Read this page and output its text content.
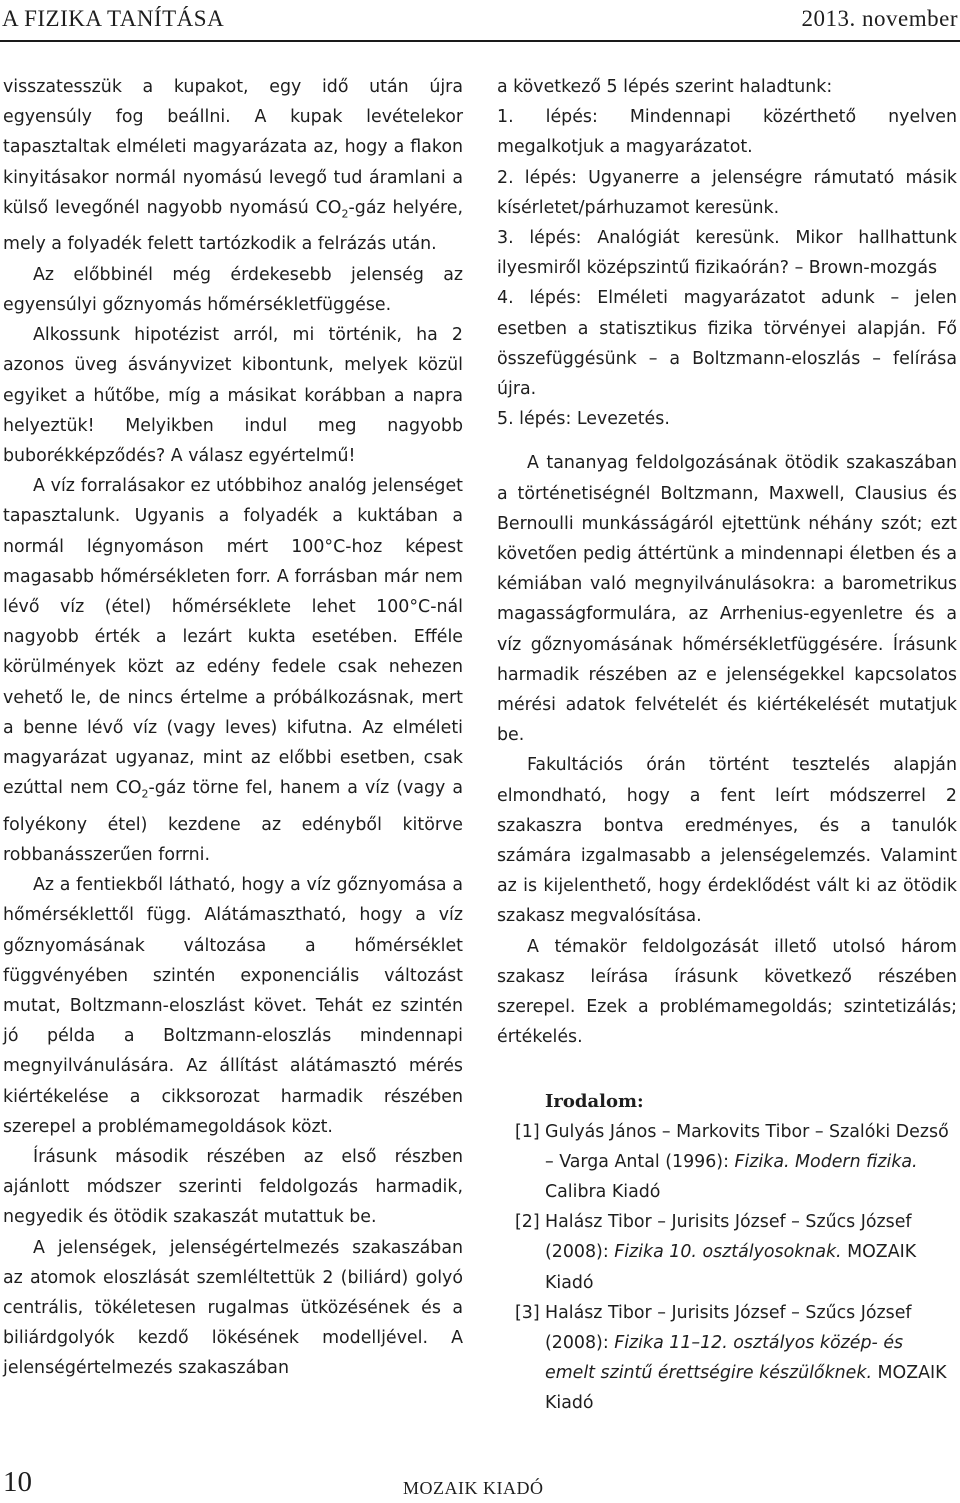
A FIZIKA TANÍTÁSA	2013. november

visszatesszük a kupakot, egy idő után újra egyensúly fog beállni. A kupak levételekor tapasztaltak elméleti magyarázata az, hogy a flakon kinyitásakor normál nyomású levegő tud áramlani a külső levegőnél nagyobb nyomású $CO_2$-gáz helyére, mely a folyadék felett tartózkodik a felrázás után.

Az előbbinél még érdekesebb jelenség az egyensúlyi gőznyomás hőmérsékletfüggése.

Alkossunk hipotézist arról, mi történik, ha 2 azonos üveg ásványvizet kibontunk, melyek közül egyiket a hűtőbe, míg a másikat korábban a napra helyeztük! Melyikben indul meg nagyobb buborékképződés? A válasz egyértelmű!

A víz forralásakor ez utóbbihoz analóg jelenséget tapasztalunk. Ugyanis a folyadék a kuktában a normál légnyomáson mért 100°C-hoz képest magasabb hőmérsékleten forr. A forrásban már nem lévő víz (étel) hőmérséklete lehet 100°C-nál nagyobb érték a lezárt kukta esetében. Efféle körülmények közt az edény fedele csak nehezen vehető le, de nincs értelme a próbálkozásnak, mert a benne lévő víz (vagy leves) kifutna. Az elméleti magyarázat ugyanaz, mint az előbbi esetben, csak ezúttal nem $CO_2$-gáz törne fel, hanem a víz (vagy a folyékony étel) kezdene az edényből kitörve robbanásszerűen forrni.

Az a fentiekből látható, hogy a víz gőznyomása a hőmérséklettől függ. Alátámasztható, hogy a víz gőznyomásának változása a hőmérséklet függvényében szintén exponenciális változást mutat, Boltzmann-eloszlást követ. Tehát ez szintén jó példa a Boltzmann-eloszlás mindennapi megnyilvánulására. Az állítást alátámasztó mérés kiértékelése a cikksorozat harmadik részében szerepel a problémamegoldások közt.

Írásunk második részében az első részben ajánlott módszer szerinti feldolgozás harmadik, negyedik és ötödik szakaszát mutattuk be.

A jelenségek, jelenségértelmezés szakaszában az atomok eloszlását szemléltettük 2 (biliárd) golyó centrális, tökéletesen rugalmas ütközésének és a biliárdgolyók kezdő lökésének modelljével. A jelenségértelmezés szakaszában

a következő 5 lépés szerint haladtunk:

1. lépés: Mindennapi közérthető nyelven megalkotjuk a magyarázatot.

2. lépés: Ugyanerre a jelenségre rámutató másik kísérletet/párhuzamot keresünk.

3. lépés: Analógiát keresünk. Mikor hallhattunk ilyesmiről középszintű fizikaórán? – Brown-mozgás

4. lépés: Elméleti magyarázatot adunk – jelen esetben a statisztikus fizika törvényei alapján. Fő összefüggésünk – a Boltzmann-eloszlás – felírása újra.

5. lépés: Levezetés.

A tananyag feldolgozásának ötödik szakaszában a történetiségnél Boltzmann, Maxwell, Clausius és Bernoulli munkásságáról ejtettünk néhány szót; ezt követően pedig áttértünk a mindennapi életben és a kémiában való megnyilvánulásokra: a barometrikus magasságformulára, az Arrhenius-egyenletre és a víz gőznyomásának hőmérsékletfüggésére. Írásunk harmadik részében az e jelenségekkel kapcsolatos mérési adatok felvételét és kiértékelését mutatjuk be.

Fakultációs órán történt tesztelés alapján elmondható, hogy a fent leírt módszerrel 2 szakaszra bontva eredményes, és a tanulók számára izgalmasabb a jelenségelemzés. Valamint az is kijelenthető, hogy érdeklődést vált ki az ötödik szakasz megvalósítása.

A témakör feldolgozását illető utolsó három szakasz leírása írásunk következő részében szerepel. Ezek a problémamegoldás; szintetizálás; értékelés.

Irodalom:
[1] Gulyás János – Markovits Tibor – Szalóki Dezső – Varga Antal (1996): Fizika. Modern fizika. Calibra Kiadó
[2] Halász Tibor – Jurisits József – Szűcs József (2008): Fizika 10. osztályosoknak. MOZAIK Kiadó
[3] Halász Tibor – Jurisits József – Szűcs József (2008): Fizika 11–12. osztályos közép- és emelt szintű érettségire készülőknek. MOZAIK Kiadó
10	MOZAIK KIADÓ
